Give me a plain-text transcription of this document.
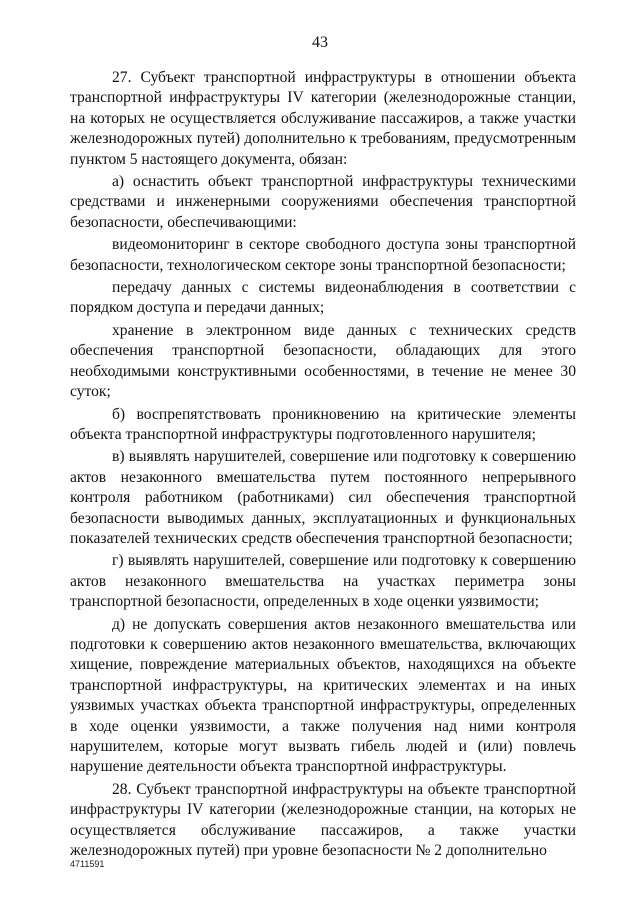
43

27. Субъект транспортной инфраструктуры в отношении объекта транспортной инфраструктуры IV категории (железнодорожные станции, на которых не осуществляется обслуживание пассажиров, а также участки железнодорожных путей) дополнительно к требованиям, предусмотренным пунктом 5 настоящего документа, обязан:

а) оснастить объект транспортной инфраструктуры техническими средствами и инженерными сооружениями обеспечения транспортной безопасности, обеспечивающими:

видеомониторинг в секторе свободного доступа зоны транспортной безопасности, технологическом секторе зоны транспортной безопасности;

передачу данных с системы видеонаблюдения в соответствии с порядком доступа и передачи данных;

хранение в электронном виде данных с технических средств обеспечения транспортной безопасности, обладающих для этого необходимыми конструктивными особенностями, в течение не менее 30 суток;

б) воспрепятствовать проникновению на критические элементы объекта транспортной инфраструктуры подготовленного нарушителя;

в) выявлять нарушителей, совершение или подготовку к совершению актов незаконного вмешательства путем постоянного непрерывного контроля работником (работниками) сил обеспечения транспортной безопасности выводимых данных, эксплуатационных и функциональных показателей технических средств обеспечения транспортной безопасности;

г) выявлять нарушителей, совершение или подготовку к совершению актов незаконного вмешательства на участках периметра зоны транспортной безопасности, определенных в ходе оценки уязвимости;

д) не допускать совершения актов незаконного вмешательства или подготовки к совершению актов незаконного вмешательства, включающих хищение, повреждение материальных объектов, находящихся на объекте транспортной инфраструктуры, на критических элементах и на иных уязвимых участках объекта транспортной инфраструктуры, определенных в ходе оценки уязвимости, а также получения над ними контроля нарушителем, которые могут вызвать гибель людей и (или) повлечь нарушение деятельности объекта транспортной инфраструктуры.

28. Субъект транспортной инфраструктуры на объекте транспортной инфраструктуры IV категории (железнодорожные станции, на которых не осуществляется обслуживание пассажиров, а также участки железнодорожных путей) при уровне безопасности № 2 дополнительно

4711591
